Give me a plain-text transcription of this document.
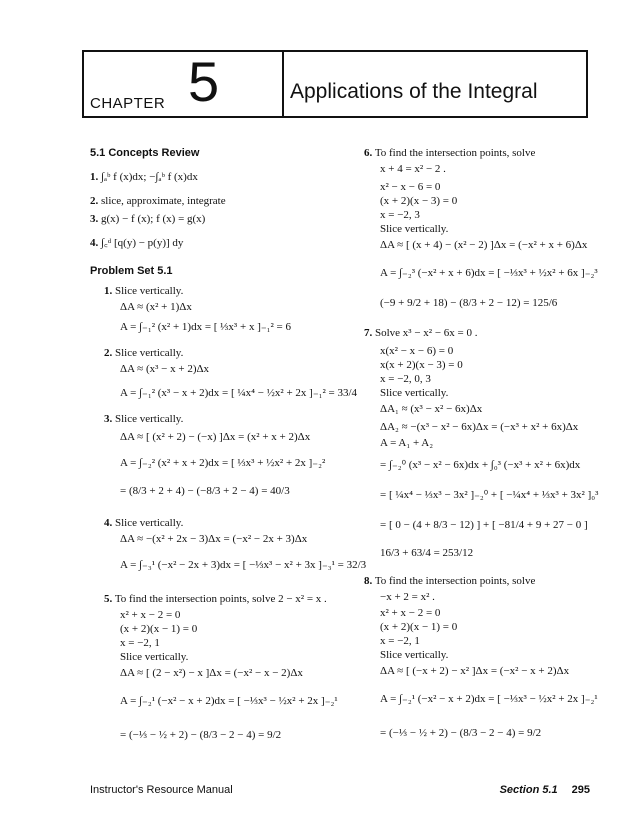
CHAPTER 5	Applications of the Integral
5.1 Concepts Review
1. ∫ₐᵇ f (x)dx; −∫ₐᵇ f (x)dx
2. slice, approximate, integrate
3. g(x) − f (x); f (x) = g(x)
4. ∫꜀ᵈ [q(y) − p(y)] dy
Problem Set 5.1
1. Slice vertically.
ΔA ≈ (x² + 1)Δx
A = ∫₋₁² (x² + 1)dx = [ ⅓x³ + x ]₋₁² = 6
2. Slice vertically.
ΔA ≈ (x³ − x + 2)Δx
A = ∫₋₁² (x³ − x + 2)dx = [ ¼x⁴ − ½x² + 2x ]₋₁² = 33/4
3. Slice vertically.
ΔA ≈ [ (x² + 2) − (−x) ]Δx = (x² + x + 2)Δx
A = ∫₋₂² (x² + x + 2)dx = [ ⅓x³ + ½x² + 2x ]₋₂²
= (8/3 + 2 + 4) − (−8/3 + 2 − 4) = 40/3
4. Slice vertically.
ΔA ≈ −(x² + 2x − 3)Δx = (−x² − 2x + 3)Δx
A = ∫₋₃¹ (−x² − 2x + 3)dx = [ −⅓x³ − x² + 3x ]₋₃¹ = 32/3
5. To find the intersection points, solve 2 − x² = x .
x² + x − 2 = 0
(x + 2)(x − 1) = 0
x = −2, 1
Slice vertically.
ΔA ≈ [ (2 − x²) − x ]Δx = (−x² − x − 2)Δx
A = ∫₋₂¹ (−x² − x + 2)dx = [ −⅓x³ − ½x² + 2x ]₋₂¹
= (−⅓ − ½ + 2) − (8/3 − 2 − 4) = 9/2
6. To find the intersection points, solve
x + 4 = x² − 2 .
x² − x − 6 = 0
(x + 2)(x − 3) = 0
x = −2, 3
Slice vertically.
ΔA ≈ [ (x + 4) − (x² − 2) ]Δx = (−x² + x + 6)Δx
A = ∫₋₂³ (−x² + x + 6)dx = [ −⅓x³ + ½x² + 6x ]₋₂³
(−9 + 9/2 + 18) − (8/3 + 2 − 12) = 125/6
7. Solve x³ − x² − 6x = 0 .
x(x² − x − 6) = 0
x(x + 2)(x − 3) = 0
x = −2, 0, 3
Slice vertically.
ΔA₁ ≈ (x³ − x² − 6x)Δx
ΔA₂ ≈ −(x³ − x² − 6x)Δx = (−x³ + x² + 6x)Δx
A = A₁ + A₂
= ∫₋₂⁰ (x³ − x² − 6x)dx + ∫₀³ (−x³ + x² + 6x)dx
= [ ¼x⁴ − ⅓x³ − 3x² ]₋₂⁰ + [ −¼x⁴ + ⅓x³ + 3x² ]₀³
= [ 0 − (4 + 8/3 − 12) ] + [ −81/4 + 9 + 27 − 0 ]
16/3 + 63/4 = 253/12
8. To find the intersection points, solve
−x + 2 = x² .
x² + x − 2 = 0
(x + 2)(x − 1) = 0
x = −2, 1
Slice vertically.
ΔA ≈ [ (−x + 2) − x² ]Δx = (−x² − x + 2)Δx
A = ∫₋₂¹ (−x² − x + 2)dx = [ −⅓x³ − ½x² + 2x ]₋₂¹
= (−⅓ − ½ + 2) − (8/3 − 2 − 4) = 9/2
Instructor's Resource Manual	Section 5.1 295
